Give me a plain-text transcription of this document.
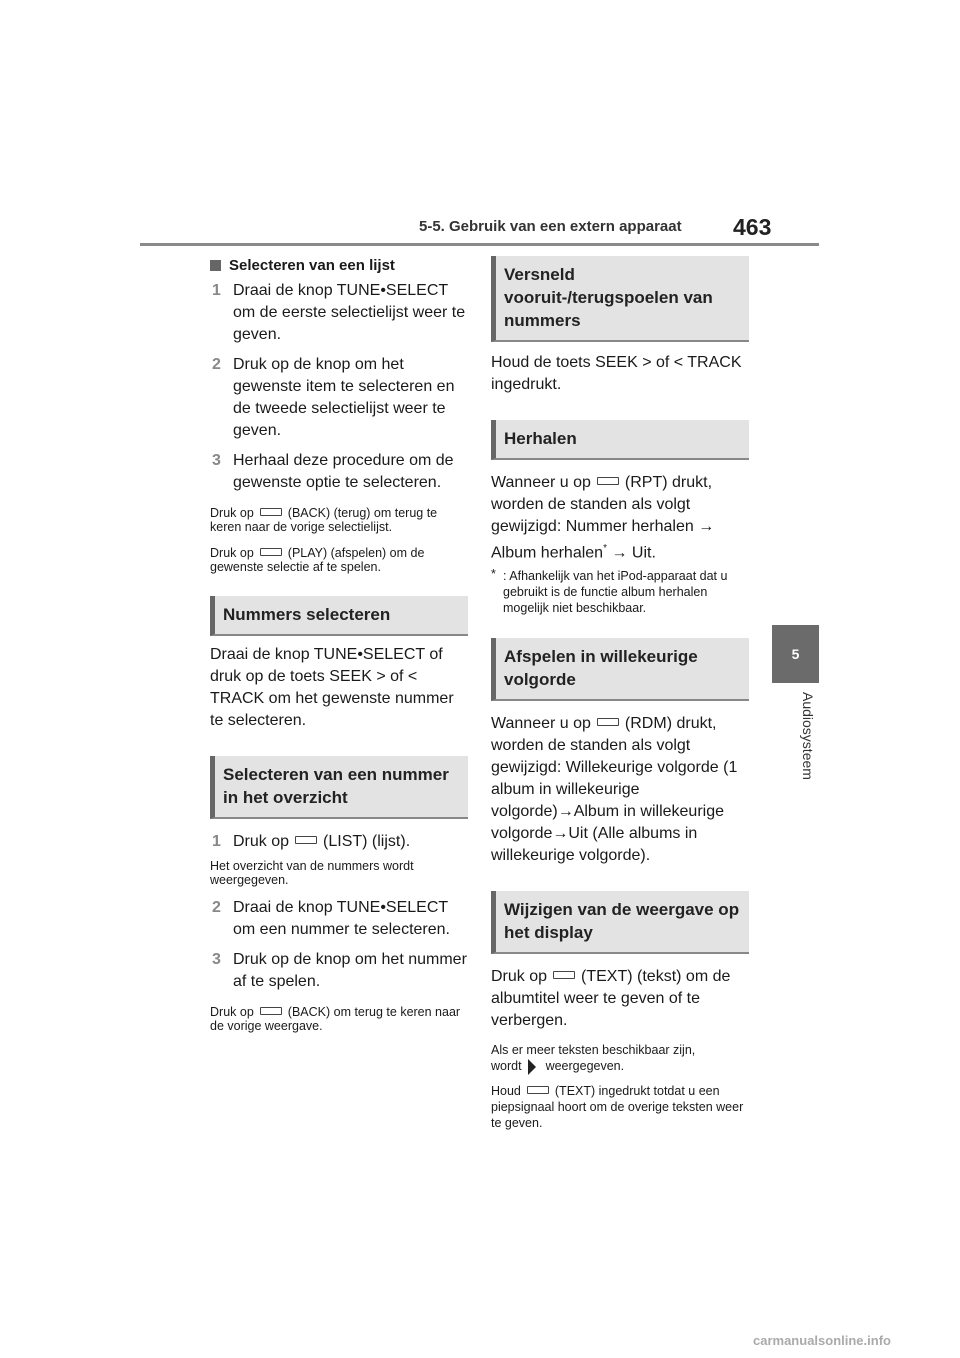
5-5. Gebruik van een extern apparaat 463
5
Audiosysteem
Selecteren van een lijst
1 Draai de knop TUNE•SELECT om de eerste selectielijst weer te geven.
2 Druk op de knop om het gewenste item te selecteren en de tweede selectielijst weer te geven.
3 Herhaal deze procedure om de gewenste optie te selecteren.

Druk op	(BACK) (terug) om terug te keren naar de vorige selectielijst.

Druk op	(PLAY) (afspelen) om de gewenste selectie af te spelen.

Nummers selecteren

Draai de knop TUNE•SELECT of druk op de toets SEEK > of < TRACK om het gewenste nummer te selecteren.

Selecteren van een nummer in het overzicht
1 Druk op (LIST) (lijst).

Het overzicht van de nummers wordt weergegeven.

2 Draai de knop TUNE•SELECT om een nummer te selecteren.
3 Druk op de knop om het nummer af te spelen.

Druk op	(BACK) om terug te keren naar de vorige weergave.

Versneld vooruit-/terugspoelen van nummers

Houd de toets SEEK > of < TRACK ingedrukt.

Herhalen

Wanneer u op (RPT) drukt, worden de standen als volgt gewijzigd: Nummer herhalen → Album herhalen* → Uit.

* : Afhankelijk van het iPod-apparaat dat u gebruikt is de functie album herhalen mogelijk niet beschikbaar.
Afspelen in willekeurige volgorde

Wanneer u op (RDM) drukt, worden de standen als volgt gewijzigd: Willekeurige volgorde (1 album in willekeurige volgorde)→Album in willekeurige volgorde→Uit (Alle albums in willekeurige volgorde).

Wijzigen van de weergave op het display

Druk op (TEXT) (tekst) om de albumtitel weer te geven of te verbergen.

Als er meer teksten beschikbaar zijn,
wordt weergegeven.

Houd	(TEXT) ingedrukt totdat u een piepsignaal hoort om de overige teksten weer te geven.

carmanualsonline.info
